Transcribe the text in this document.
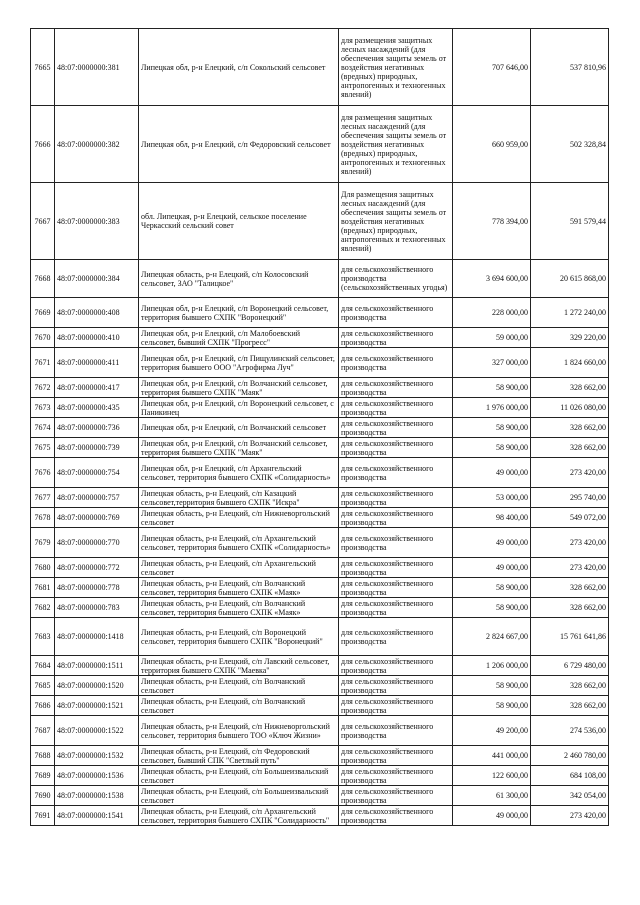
7665	48:07:0000000:381	Липецкая обл, р-н Елецкий, с/п Сокольский сельсовет	для размещения защитных лесных насаждений (для обеспечения защиты земель от воздействия негативных (вредных) природных, антропогенных и техногенных явлений)	707 646,00	537 810,96

7666	48:07:0000000:382	Липецкая обл, р-н Елецкий, с/п Федоровский сельсовет	для размещения защитных лесных насаждений (для обеспечения защиты земель от воздействия негативных (вредных) природных, антропогенных и техногенных явлений)	660 959,00	502 328,84

7667	48:07:0000000:383	обл. Липецкая, р-н Елецкий, сельское поселение Черкасский сельский совет	Для размещения защитных лесных насаждений (для обеспечения защиты земель от воздействия негативных (вредных) природных, антропогенных и техногенных явлений)	778 394,00	591 579,44

7668	48:07:0000000:384	Липецкая область, р-н Елецкий, с/п Колосовский сельсовет, ЗАО "Талицкое"	для сельскохозяйственного производства (сельскохозяйственных угодья)	3 694 600,00	20 615 868,00

7669	48:07:0000000:408	Липецкая обл, р-н Елецкий, с/п Воронецкий сельсовет, территория бывшего СХПК "Воронецкий"	для сельскохозяйственного производства	228 000,00	1 272 240,00

7670	48:07:0000000:410	Липецкая обл, р-н Елецкий, с/п Малобоевский сельсовет, бывший СХПК "Прогресс"	для сельскохозяйственного производства	59 000,00	329 220,00

7671	48:07:0000000:411	Липецкая обл, р-н Елецкий, с/п Пищулинский сельсовет, территория бывшего ООО "Агрофирма Луч"	для сельскохозяйственного производства	327 000,00	1 824 660,00

7672	48:07:0000000:417	Липецкая обл, р-н Елецкий, с/п Волчанский сельсовет, территория бывшего СХПК "Маяк"	для сельскохозяйственного производства	58 900,00	328 662,00

7673	48:07:0000000:435	Липецкая обл, р-н Елецкий, с/п Воронецкий сельсовет, с Паникинец	для сельскохозяйственного производства	1 976 000,00	11 026 080,00

7674	48:07:0000000:736	Липецкая обл, р-н Елецкий, с/п Волчанский сельсовет	для сельскохозяйственного производства	58 900,00	328 662,00

7675	48:07:0000000:739	Липецкая обл, р-н Елецкий, с/п Волчанский сельсовет, территория бывшего СХПК "Маяк"	для сельскохозяйственного производства	58 900,00	328 662,00

7676	48:07:0000000:754	Липецкая обл, р-н Елецкий, с/п Архангельский сельсовет, территория бывшего СХПК «Солидарность»	для сельскохозяйственного производства	49 000,00	273 420,00

7677	48:07:0000000:757	Липецкая область, р-н Елецкий, с/п Казацкий сельсовет,территория бывшего СХПК "Искра"	для сельскохозяйственного производства	53 000,00	295 740,00

7678	48:07:0000000:769	Липецкая область, р-н Елецкий, с/п Нижневоргольский сельсовет	для сельскохозяйственного производства	98 400,00	549 072,00

7679	48:07:0000000:770	Липецкая область, р-н Елецкий, с/п Архангельский сельсовет, территория бывшего СХПК «Солидарность»	для сельскохозяйственного производства	49 000,00	273 420,00

7680	48:07:0000000:772	Липецкая область, р-н Елецкий, с/п Архангельский сельсовет	для сельскохозяйственного производства	49 000,00	273 420,00

7681	48:07:0000000:778	Липецкая область, р-н Елецкий, с/п Волчанский сельсовет, территория бывшего СХПК «Маяк»	для сельскохозяйственного производства	58 900,00	328 662,00

7682	48:07:0000000:783	Липецкая область, р-н Елецкий, с/п Волчанский сельсовет, территория бывшего СХПК «Маяк»	для сельскохозяйственного производства	58 900,00	328 662,00

7683	48:07:0000000:1418	Липецкая область, р-н Елецкий, с/п Воронецкий сельсовет, территория бывшего СХПК "Воронецкий"	для сельскохозяйственного производства	2 824 667,00	15 761 641,86

7684	48:07:0000000:1511	Липецкая область, р-н Елецкий, с/п Лавский сельсовет, территория бывшего СХПК "Маевка"	для сельскохозяйственного производства	1 206 000,00	6 729 480,00

7685	48:07:0000000:1520	Липецкая область, р-н Елецкий, с/п Волчанский сельсовет	для сельскохозяйственного производства	58 900,00	328 662,00

7686	48:07:0000000:1521	Липецкая область, р-н Елецкий, с/п Волчанский сельсовет	для сельскохозяйственного производства	58 900,00	328 662,00

7687	48:07:0000000:1522	Липецкая область, р-н Елецкий, с/п Нижневоргольский сельсовет, территория бывшего ТОО «Ключ Жизни»	для сельскохозяйственного производства	49 200,00	274 536,00

7688	48:07:0000000:1532	Липецкая область, р-н Елецкий, с/п Федоровский сельсовет, бывший СПК "Светлый путь"	для сельскохозяйственного производства	441 000,00	2 460 780,00

7689	48:07:0000000:1536	Липецкая область, р-н Елецкий, с/п Большеизвальский сельсовет	для сельскохозяйственного производства	122 600,00	684 108,00

7690	48:07:0000000:1538	Липецкая область, р-н Елецкий, с/п Большеизвальский сельсовет	для сельскохозяйственного производства	61 300,00	342 054,00

7691	48:07:0000000:1541	Липецкая область, р-н Елецкий, с/п Архангельский сельсовет, территория бывшего СХПК "Солидарность"	для сельскохозяйственного производства	49 000,00	273 420,00
